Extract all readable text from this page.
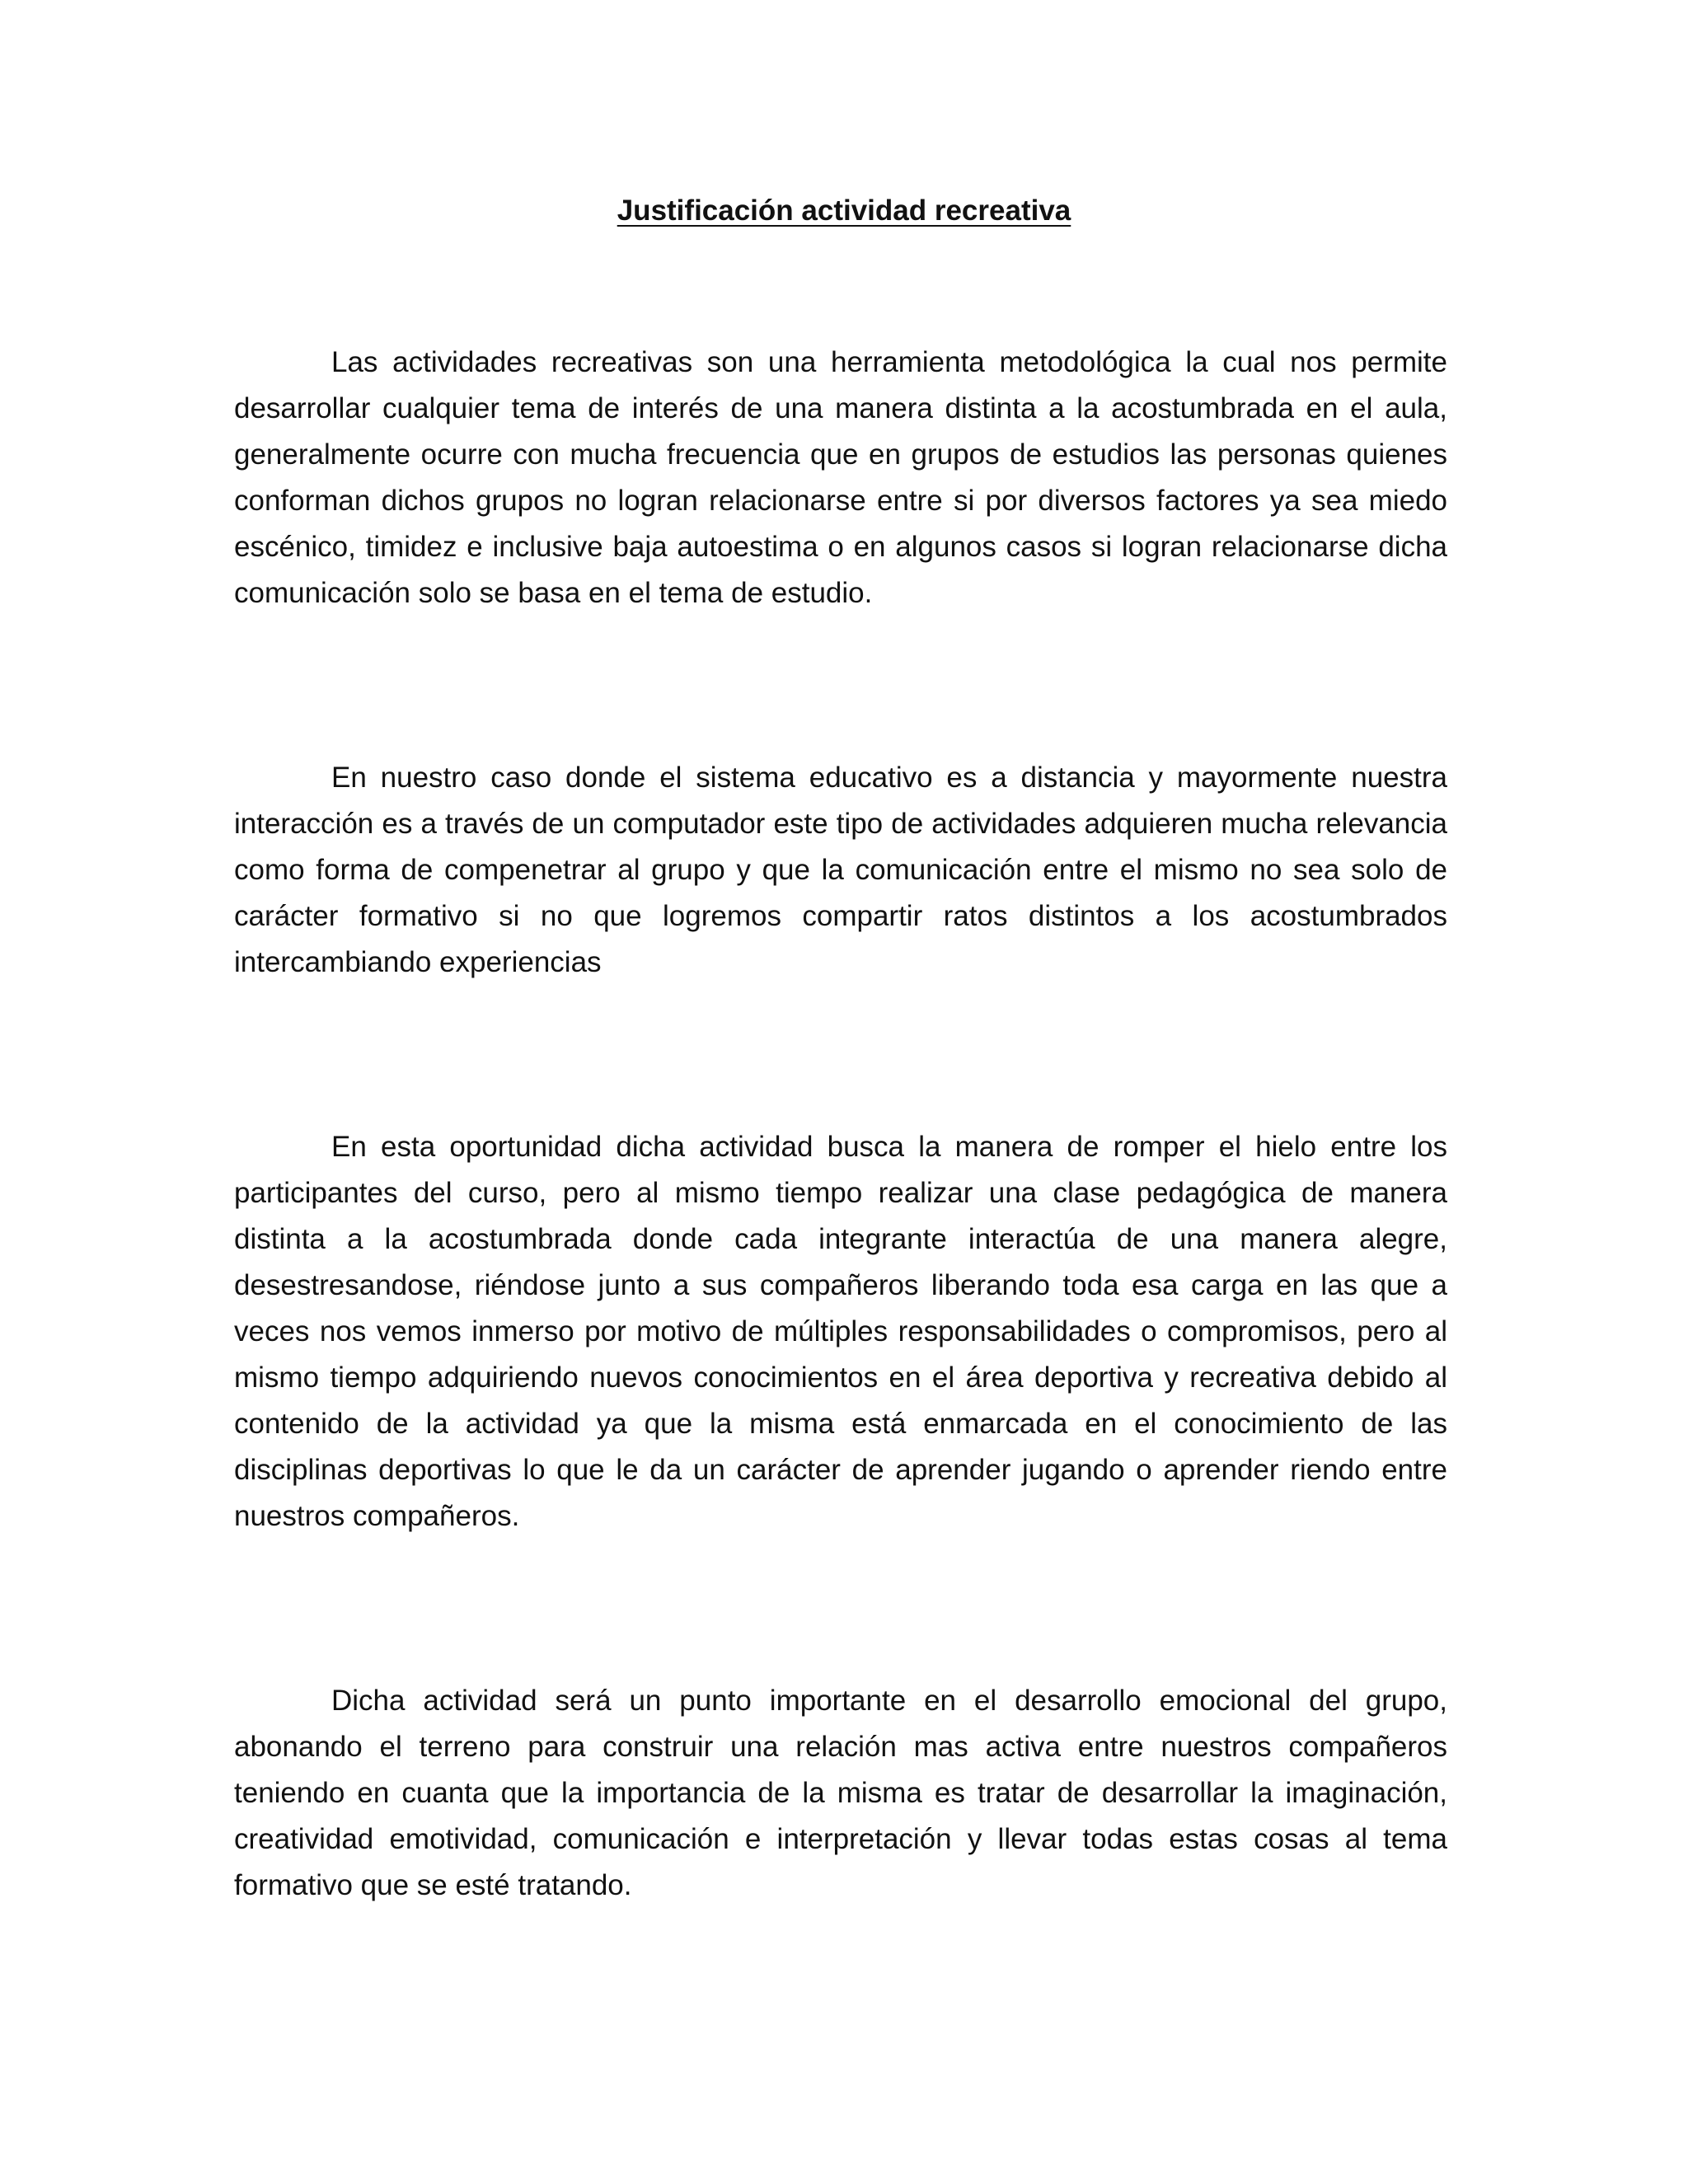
Justificación actividad recreativa

Las actividades recreativas son una herramienta metodológica la cual nos permite desarrollar cualquier tema de interés de una manera distinta a la acostumbrada en el aula, generalmente ocurre con mucha frecuencia que en grupos de estudios las personas quienes conforman dichos grupos no logran relacionarse entre si por diversos factores ya sea miedo escénico, timidez e inclusive baja autoestima o en algunos casos si logran relacionarse dicha comunicación solo se basa en el tema de estudio.

En nuestro caso donde el sistema educativo es a distancia y mayormente nuestra interacción es a través de un computador este tipo de actividades adquieren mucha relevancia como forma de compenetrar al grupo y que la comunicación entre el mismo no sea solo de carácter formativo si no que logremos compartir ratos distintos a los acostumbrados intercambiando experiencias

En esta oportunidad dicha actividad busca la manera de romper el hielo entre los participantes del curso, pero al mismo tiempo realizar una clase pedagógica de manera distinta a la acostumbrada donde cada integrante interactúa de una manera alegre, desestresandose, riéndose junto a sus compañeros liberando toda esa carga en las que a veces nos vemos inmerso por motivo de múltiples responsabilidades o compromisos, pero al mismo tiempo adquiriendo nuevos conocimientos en el área deportiva y recreativa debido al contenido de la actividad ya que la misma está enmarcada en el conocimiento de las disciplinas deportivas lo que le da un carácter de aprender jugando o aprender riendo entre nuestros compañeros.

Dicha actividad será un punto importante en el desarrollo emocional del grupo, abonando el terreno para construir una relación mas activa entre nuestros compañeros teniendo en cuanta que la importancia de la misma es tratar de desarrollar la imaginación, creatividad emotividad, comunicación e interpretación y llevar todas estas cosas al tema formativo que se esté tratando.
